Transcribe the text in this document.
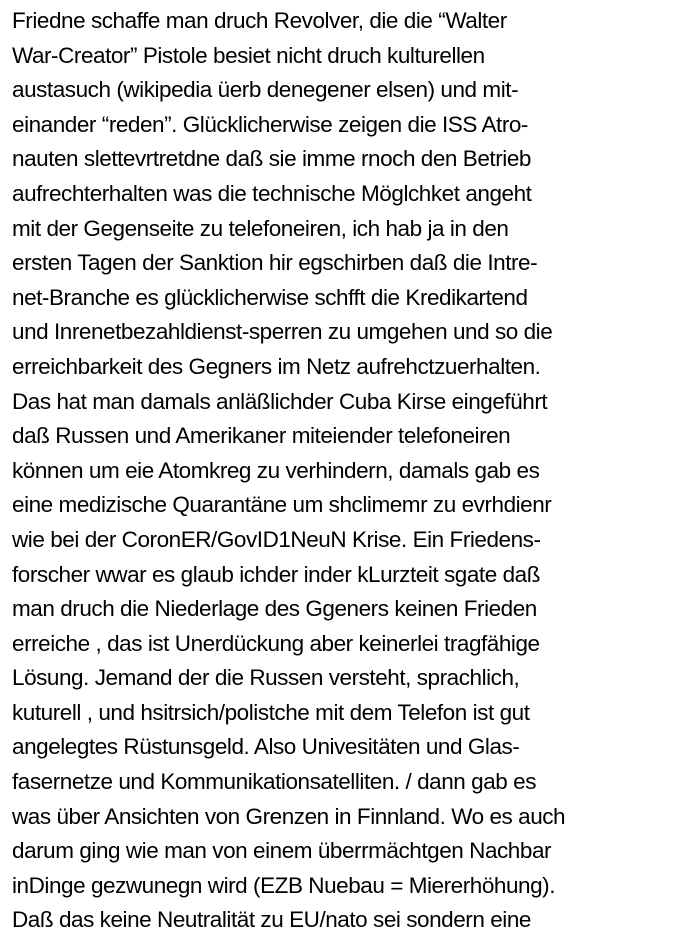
Friedne schaffe man druch Revolver, die die “Walter
War-Creator” Pistole besiet nicht druch kulturellen
austasuch (wikipedia üerb denegener elsen) und mit-
einander “reden”. Glücklicherwise zeigen die ISS Atro-
nauten slettevrtretdne daß sie imme rnoch den Betrieb
aufrechterhalten was die technische Möglchket angeht
mit der Gegenseite zu telefoneiren, ich hab ja in den
ersten Tagen der Sanktion hir egschirben daß die Intre-
net-Branche es glücklicherwise schfft die Kredikartend
und Inrenetbezahldienst-sperren zu umgehen und so die
erreichbarkeit des Gegners im Netz aufrehctzuerhalten.
Das hat man damals anläßlichder Cuba Kirse eingeführt
daß Russen und Amerikaner miteiender telefoneiren
können um eie Atomkreg zu verhindern, damals gab es
eine medizische Quarantäne um shclimemr zu evrhdienr
wie bei der CoronER/GovID1NeuN Krise. Ein Friedens-
forscher wwar es glaub ichder inder kLurzteit sgate daß
man druch die Niederlage des Ggeners keinen Frieden
erreiche , das ist Unerdückung aber keinerlei tragfähige
Lösung. Jemand der die Russen versteht, sprachlich,
kuturell , und hsitrsich/polistche mit dem Telefon ist gut
angelegtes Rüstunsgeld. Also Univesitäten und Glas-
fasernetze und Kommunikationsatelliten. / dann gab es
was über Ansichten von Grenzen in Finnland. Wo es auch
darum ging wie man von einem überrmächtgen Nachbar
inDinge gezwunegn wird (EZB Nuebau = Miererhöhung).
Daß das keine Neutralität zu EU/nato sei sondern eine
